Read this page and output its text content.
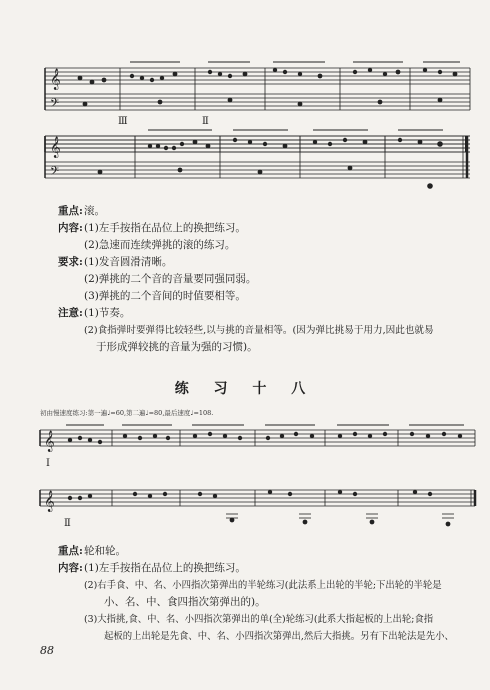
𝄞
𝄢
Ⅲ	Ⅱ
𝄞
𝄢
重点: 滚。
内容: (1)左手按指在品位上的换把练习。
(2)急速而连续弹挑的滚的练习。
要求: (1)发音圆滑清晰。
(2)弹挑的二个音的音量要同强同弱。
(3)弹挑的二个音间的时值要相等。
注意: (1)节奏。
(2)食指弹时要弹得比较轻些,以与挑的音量相等。(因为弹比挑易于用力,因此也就易
于形成弹较挑的音量为强的习惯)。
练 习 十 八
初由慢速度练习:第一遍♩=60,第二遍♩=80,最后速度♩=108.
𝄞
Ⅰ
𝄞
Ⅱ
重点: 轮和轮。
内容: (1)左手按指在品位上的换把练习。
(2)右手食、中、名、小四指次第弹出的半轮练习(此法系上出轮的半轮;下出轮的半轮是
小、名、中、食四指次第弹出的)。
(3)大指挑,食、中、名、小四指次第弹出的单(全)轮练习(此系大指起板的上出轮;食指
起板的上出轮是先食、中、名、小四指次第弹出,然后大指挑。另有下出轮法是先小、
88
